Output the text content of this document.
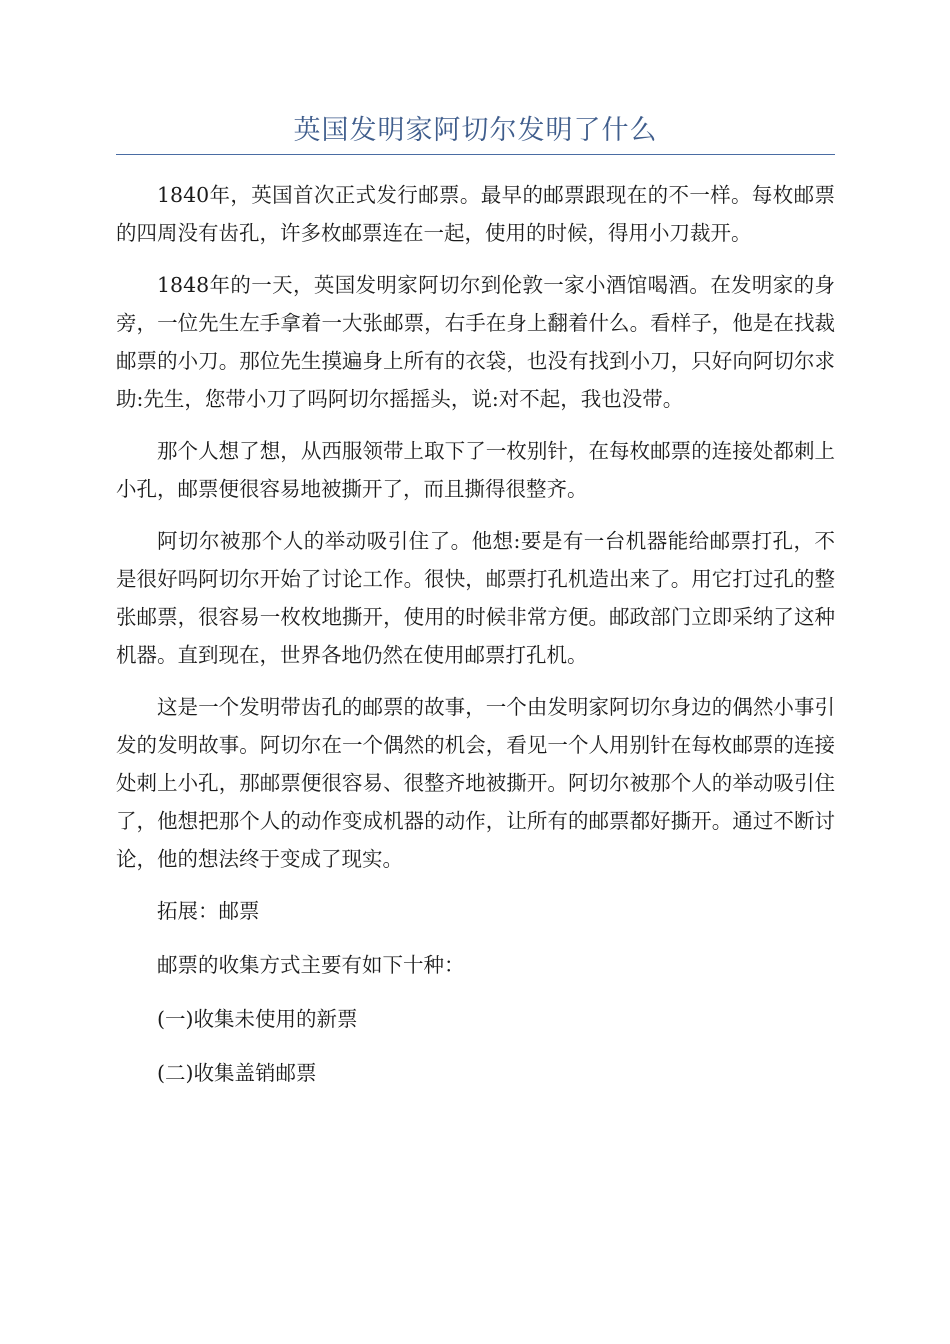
英国发明家阿切尔发明了什么

1840年，英国首次正式发行邮票。最早的邮票跟现在的不一样。每枚邮票的四周没有齿孔，许多枚邮票连在一起，使用的时候，得用小刀裁开。

1848年的一天，英国发明家阿切尔到伦敦一家小酒馆喝酒。在发明家的身旁，一位先生左手拿着一大张邮票，右手在身上翻着什么。看样子，他是在找裁邮票的小刀。那位先生摸遍身上所有的衣袋，也没有找到小刀，只好向阿切尔求助:先生，您带小刀了吗阿切尔摇摇头，说:对不起，我也没带。

那个人想了想，从西服领带上取下了一枚别针，在每枚邮票的连接处都刺上小孔，邮票便很容易地被撕开了，而且撕得很整齐。

阿切尔被那个人的举动吸引住了。他想:要是有一台机器能给邮票打孔，不是很好吗阿切尔开始了讨论工作。很快，邮票打孔机造出来了。用它打过孔的整张邮票，很容易一枚枚地撕开，使用的时候非常方便。邮政部门立即采纳了这种机器。直到现在，世界各地仍然在使用邮票打孔机。

这是一个发明带齿孔的邮票的故事，一个由发明家阿切尔身边的偶然小事引发的发明故事。阿切尔在一个偶然的机会，看见一个人用别针在每枚邮票的连接处刺上小孔，那邮票便很容易、很整齐地被撕开。阿切尔被那个人的举动吸引住了，他想把那个人的动作变成机器的动作，让所有的邮票都好撕开。通过不断讨论，他的想法终于变成了现实。

拓展：邮票

邮票的收集方式主要有如下十种：

(一)收集未使用的新票

(二)收集盖销邮票
